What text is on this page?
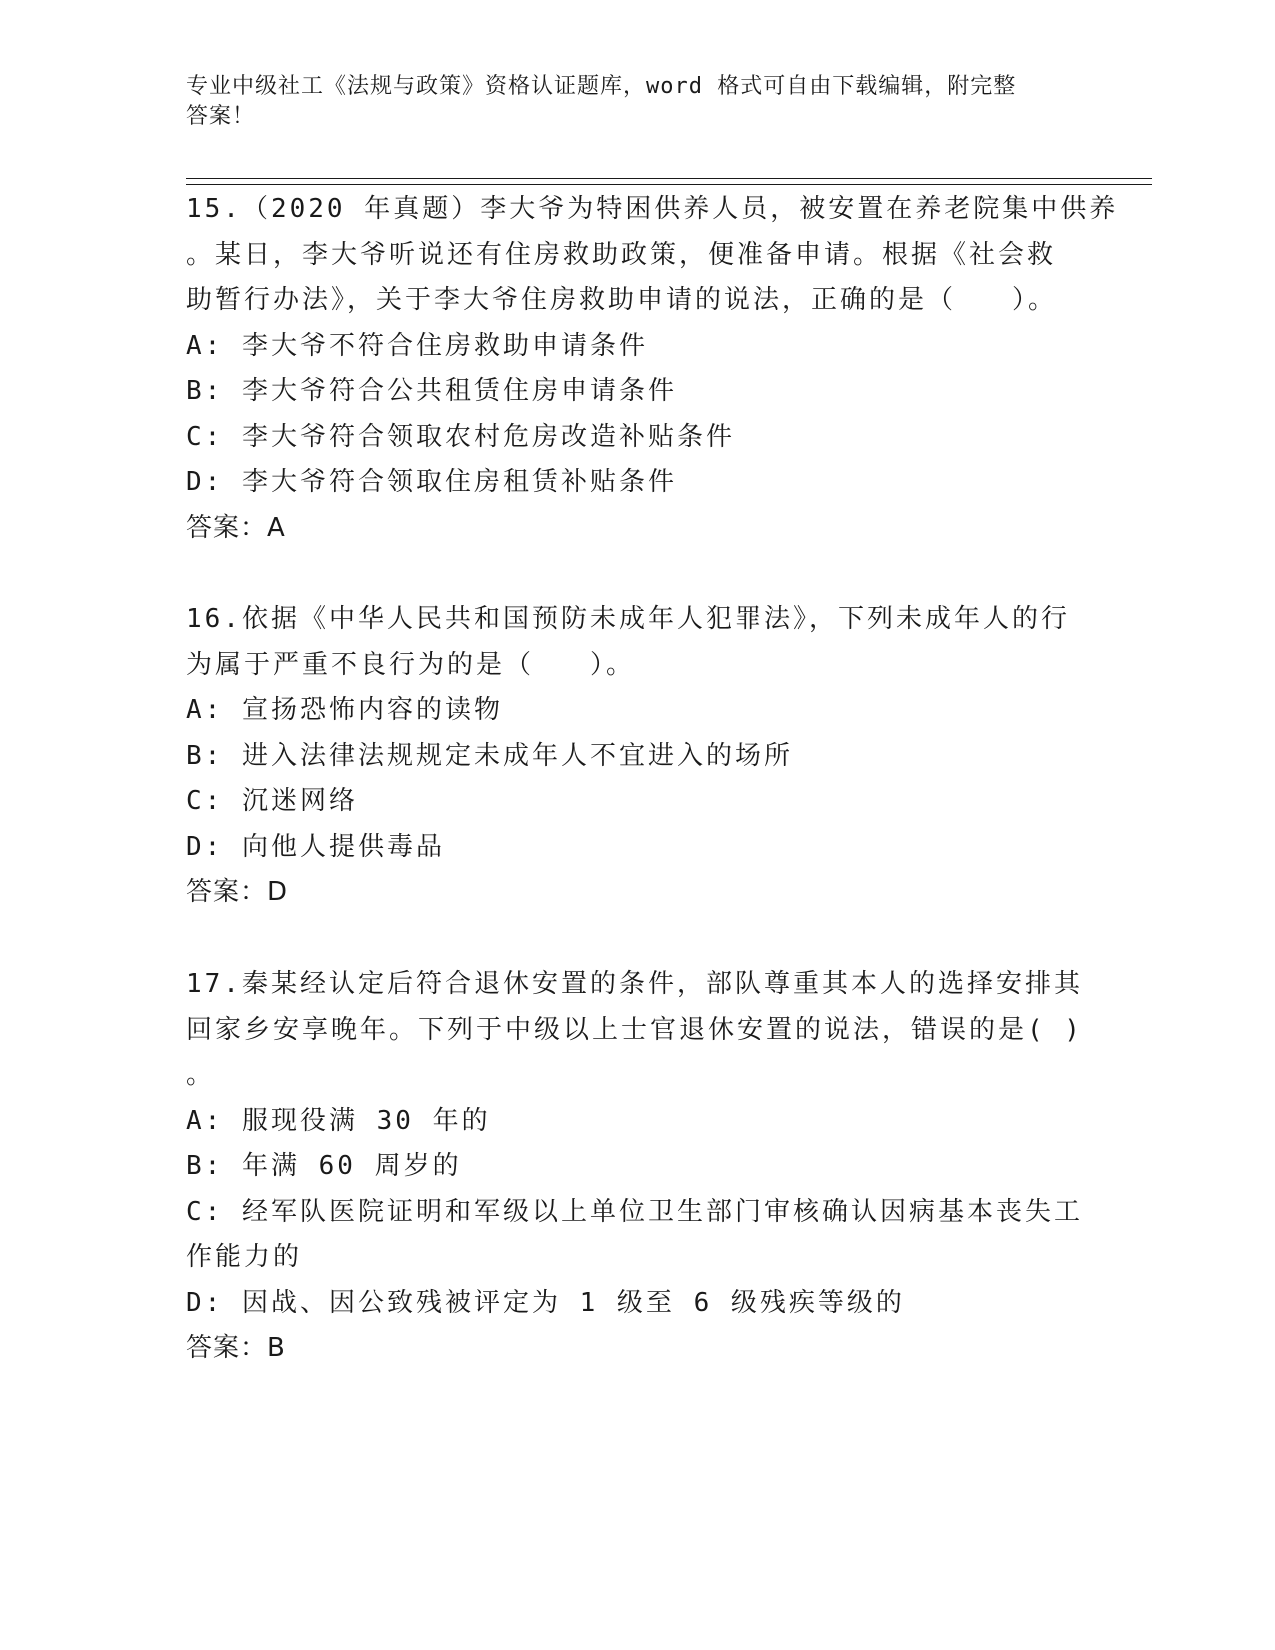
专业中级社工《法规与政策》资格认证题库，word 格式可自由下载编辑，附完整
答案！
15.（2020 年真题）李大爷为特困供养人员，被安置在养老院集中供养
。某日，李大爷听说还有住房救助政策，便准备申请。根据《社会救
助暂行办法》，关于李大爷住房救助申请的说法，正确的是（   ）。
A: 李大爷不符合住房救助申请条件
B: 李大爷符合公共租赁住房申请条件
C: 李大爷符合领取农村危房改造补贴条件
D: 李大爷符合领取住房租赁补贴条件
答案：A
16.依据《中华人民共和国预防未成年人犯罪法》，下列未成年人的行
为属于严重不良行为的是（   ）。
A: 宣扬恐怖内容的读物
B: 进入法律法规规定未成年人不宜进入的场所
C: 沉迷网络
D: 向他人提供毒品
答案：D
17.秦某经认定后符合退休安置的条件，部队尊重其本人的选择安排其
回家乡安享晚年。下列于中级以上士官退休安置的说法，错误的是( )
。
A: 服现役满 30 年的
B: 年满 60 周岁的
C: 经军队医院证明和军级以上单位卫生部门审核确认因病基本丧失工
作能力的
D: 因战、因公致残被评定为 1 级至 6 级残疾等级的
答案：B
